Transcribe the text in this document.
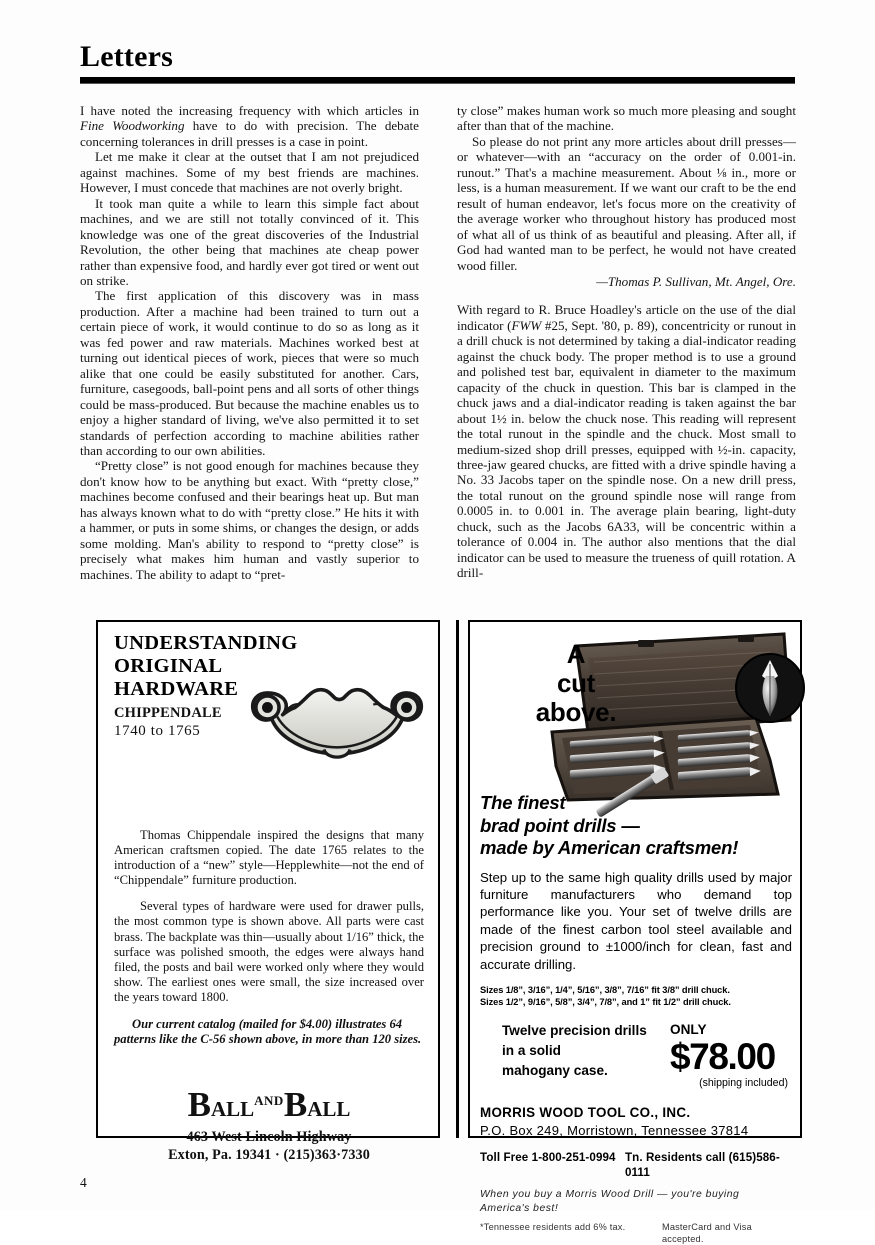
Letters

I have noted the increasing frequency with which articles in Fine Woodworking have to do with precision. The debate concerning tolerances in drill presses is a case in point.

Let me make it clear at the outset that I am not prejudiced against machines. Some of my best friends are machines. However, I must concede that machines are not overly bright.

It took man quite a while to learn this simple fact about machines, and we are still not totally convinced of it. This knowledge was one of the great discoveries of the Industrial Revolution, the other being that machines ate cheap power rather than expensive food, and hardly ever got tired or went out on strike.

The first application of this discovery was in mass production. After a machine had been trained to turn out a certain piece of work, it would continue to do so as long as it was fed power and raw materials. Machines worked best at turning out identical pieces of work, pieces that were so much alike that one could be easily substituted for another. Cars, furniture, casegoods, ball-point pens and all sorts of other things could be mass-produced. But because the machine enables us to enjoy a higher standard of living, we've also permitted it to set standards of perfection according to machine abilities rather than according to our own abilities.

“Pretty close” is not good enough for machines because they don't know how to be anything but exact. With “pretty close,” machines become confused and their bearings heat up. But man has always known what to do with “pretty close.” He hits it with a hammer, or puts in some shims, or changes the design, or adds some molding. Man's ability to respond to “pretty close” is precisely what makes him human and vastly superior to machines. The ability to adapt to “pret-

ty close” makes human work so much more pleasing and sought after than that of the machine.

So please do not print any more articles about drill presses—or whatever—with an “accuracy on the order of 0.001-in. runout.” That's a machine measurement. About ⅛ in., more or less, is a human measurement. If we want our craft to be the end result of human endeavor, let's focus more on the creativity of the average worker who throughout history has produced most of what all of us think of as beautiful and pleasing. After all, if God had wanted man to be perfect, he would not have created wood filler.

—Thomas P. Sullivan, Mt. Angel, Ore.

With regard to R. Bruce Hoadley's article on the use of the dial indicator (FWW #25, Sept. '80, p. 89), concentricity or runout in a drill chuck is not determined by taking a dial-indicator reading against the chuck body. The proper method is to use a ground and polished test bar, equivalent in diameter to the maximum capacity of the chuck in question. This bar is clamped in the chuck jaws and a dial-indicator reading is taken against the bar about 1½ in. below the chuck nose. This reading will represent the total runout in the spindle and the chuck. Most small to medium-sized shop drill presses, equipped with ½-in. capacity, three-jaw geared chucks, are fitted with a drive spindle having a No. 33 Jacobs taper on the spindle nose. On a new drill press, the total runout on the ground spindle nose will range from 0.0005 in. to 0.001 in. The average plain bearing, light-duty chuck, such as the Jacobs 6A33, will be concentric within a tolerance of 0.004 in. The author also mentions that the dial indicator can be used to measure the trueness of quill rotation. A drill-

UNDERSTANDING
ORIGINAL
HARDWARE
CHIPPENDALE
1740 to 1765

Thomas Chippendale inspired the designs that many American craftsmen copied. The date 1765 relates to the introduction of a “new” style—Hepplewhite—not the end of “Chippendale” furniture production.

Several types of hardware were used for drawer pulls, the most common type is shown above. All parts were cast brass. The backplate was thin—usually about 1/16” thick, the surface was polished smooth, the edges were always hand filed, the posts and bail were worked only where they would show. The earliest ones were small, the size increased over the years toward 1800.

Our current catalog (mailed for $4.00) illustrates 64 patterns like the C-56 shown above, in more than 120 sizes.
$BALL^{AND}BALL$
463 West Lincoln Highway
Exton, Pa. 19341 · (215)363·7330
A
cut
above.
The finest
brad point drills —
made by American craftsmen!
Step up to the same high quality drills used by major furniture manufacturers who demand top performance like you. Your set of twelve drills are made of the finest carbon tool steel available and precision ground to ±1000/inch for clean, fast and accurate drilling.
Sizes 1/8”, 3/16”, 1/4”, 5/16”, 3/8”, 7/16” fit 3/8” drill chuck.
Sizes 1/2”, 9/16”, 5/8”, 3/4”, 7/8”, and 1” fit 1/2” drill chuck.
Twelve precision drills
in a solid
mahogany case.
ONLY
$78.00
(shipping included)
MORRIS WOOD TOOL CO., INC.
P.O. Box 249, Morristown, Tennessee 37814
Toll Free 1-800-251-0994 Tn. Residents call (615)586-0111
When you buy a Morris Wood Drill — you're buying America's best!
*Tennessee residents add 6% tax.	MasterCard and Visa accepted.
4
